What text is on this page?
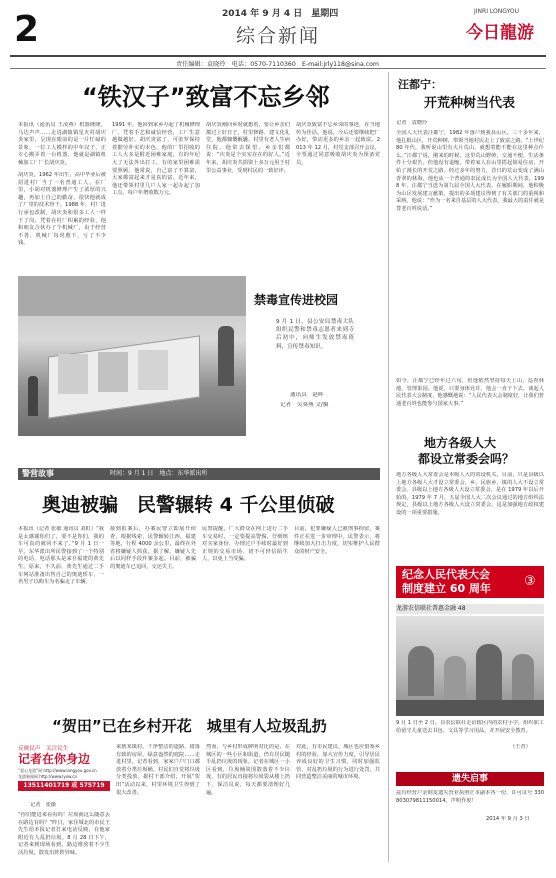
2	2014 年 9 月 4 日　星期四
综合新闻
JINRI LONGYOU
今日龍游
责任编辑：袁晓玲　电话：0570-7110360　E-mail:jrly118@sina.com
“铁汉子”致富不忘乡邻
本报讯（通讯员 王凌燕）机器隆隆，马达声声……走进湖镇镇星火村胡庆炎家里，呈现在眼前的是一片忙碌的景象。一位工人模样的中年汉子，正专心搬弄着一台机器，他就是湖镇机械加工厂厂长胡庆炎。
胡庆炎，1962 年出生，高中毕业后被招进村厂当了一名普通工人。在厂里，小胡对机器修理产生了浓厚的兴趣，再加上自己的勤奋，很快他就成了厂里的技术骨干。1988 年，村厂进行承包改制，胡庆炎和很多工人一样下了岗。凭着在村厂积累的经验，他和朋友合伙办了个机械厂，由于经营不善，机械厂每况愈下，亏了不少钱。
1991 年，他回到家乡办起了机械修理厂，凭着手艺和诚信经营，工厂生意越做越好。胡庆炎富了，可张罗保持着勤劳朴实的本色，他的厂里招收的工人大多是附近困难家庭，有的年纪大了无法外出打工，有的家里困难需要照顾。他常说，自己富了不算富，大家都富起来才是真的富。近年来，他还带领村里几户人家一起办起了加工点，每户年增收数万元。
胡庆炎刚回乡时就想着，要让乡亲们都过上好日子。村里修路、建文化礼堂，他都慷慨解囊。村里有老人生病住院，他常去探望。乡亲们都说：“庆炎是个实实在在的好人。”近年来，胡庆炎共捐资十多万元用于村里公益事业，受到村民的一致好评。
胡庆炎致富不忘乡邻的事迹，在当地传为佳话。他说，今后还要继续把厂办好，带动更多的乡亲一起致富。2013 年 12 月，村党支部召开会议，全票通过同意吸收胡庆炎为预备党员。
禁毒宣传进校园
9 月 1 日，县公安局禁毒大队组织民警和禁毒志愿者来到寺后初中，向师生发放禁毒资料，宣传禁毒知识。
通讯员　赵晖
记者　吴葵燕 文/摄
警营故事	时间：9 月 1 日　地点：东华派出所
奥迪被骗　民警辗转 4 千公里侦破
本报讯（记者 张敏 通讯员 刘虹）“我是太感谢你们了，要不是你们，我的车可真的就回不来了。”9 月 1 日一早，东华派出所民警接到了一个特别的电话，电话那头是来自福建的黄先生。原来，不久前，黄先生通过二手车网站准备出售自己的奥迪轿车，一名男子以购车为名骗走了车辆。
接到报案后，办案民警立即展开侦查，根据线索，民警辗转江西、福建等地，行程 4000 余公里，最终在外省将嫌疑人抓获。据了解，嫌疑人先后以同样手段作案多起。目前，被骗的奥迪车已追回，交还失主。
民警提醒，广大群众在网上进行二手车交易时，一定要提高警惕，仔细核对买家身份，办理过户手续时最好到正规的交易市场，切不可轻信陌生人，以免上当受骗。
目前，犯罪嫌疑人已被刑事拘留，案件正在进一步审理中。民警表示，将继续加大打击力度，切实维护人民群众的财产安全。
“贺田”已在乡村开花　城里有人垃圾乱扔
反映民声　关注民生
记者在你身边
“爱心龙游”网 http://www.longyou.gov.cn
龙游新闻网 http://www.lyxw.cn
13511401719 或 575719
记者　张薇
“你们能进来看看吗！垃圾就这么随意丢在路边有吗？”昨日，家住城北的市民王先生给本报记者打来电话反映，在他家附近有人乱扔垃圾。8 月 28 日下午，记者来到现场看到，路边堆放着不少生活垃圾，散发出阵阵异味。
来到某镇村，干净整洁的道路，错落有致的房屋，绿意盎然的庭院……走进村里，记者看到，家家户户门口都放着分类垃圾桶，村民们自觉将垃圾分类投放。据村干部介绍，开展“贺田”活动以来，村里环境卫生得到了很大改善。
然而，与乡村形成鲜明对比的是，在城区的一些小区和街道，仍有居民随手乱扔垃圾的现象。记者在城区一小区看到，垃圾桶周围散落着不少垃圾，有的居民直接将垃圾袋从楼上扔下。保洁员说，每天都要清理好几遍。
对此，有市民建议，城区也应借鉴乡村的经验，加大宣传力度，引导居民养成良好的卫生习惯，同时加强监管，对乱扔垃圾的行为进行处罚，共同营造整洁美丽的城市环境。
汪都宁：
开荒种树当代表
记者　袁晓玲
全国人大代表汪都宁，1982 年落户到我县山区，三十多年来，他扎根山区，开荒种树，带领当地村民走上了致富之路。“上世纪 80 年代，我听说山里有大片荒山，就想着能不能在这里种点什么。”汪都宁说，刚来的时候，这里荒山野岭，交通不便，生活条件十分艰苦。但他没有退缩，带着家人在山里搭起简易住房，开始了漫长的开荒之路。经过多年的努力，昔日的荒山变成了满山青翠的林海，他也从一个普通的农民成长为全国人大代表。1998 年，汪都宁当选为第九届全国人大代表。在履职期间，他积极为山区发展建言献策，提出的多项建议得到了有关部门的重视和采纳。他说：“作为一名来自基层的人大代表，我最大的责任就是替老百姓说话。”
如今，汪都宁已经年过六旬，但他依然坚持每天上山，巡查林地，管理果园。他说，只要身体允许，他会一直干下去。谈起人民代表大会制度，他感慨地说：“人民代表大会制度好，让我们普通老百姓也能参与国家大事。”
地方各级人大
都设立常委会吗？
地方各级人大常委会是本级人大的常设机关。目前，只是县级以上地方各级人大才设立常委会，乡、民族乡、镇的人大不设立常委会。县级以上地方各级人大设立常委会，是在 1979 年以后开始的。1979 年 7 月，五届全国人大二次会议通过的地方组织法规定，县级以上地方各级人大设立常委会。这是加强地方政权建设的一项重要措施。
纪念人民代表大会
制度建立 60 周年	③
龙游农信联社普惠金融 48
9 月 1 日至 2 日，县农信联社走访辖区内的农村小学，组织职工给留守儿童送去书包、文具等学习用品，并开展安全教育。
（王青）
遗失启事
兹有经营户金钢龙遗失营业执照正本副本各一份，许可证号 330803079811150014，声明作废！
2014 年 9 月 3 日
